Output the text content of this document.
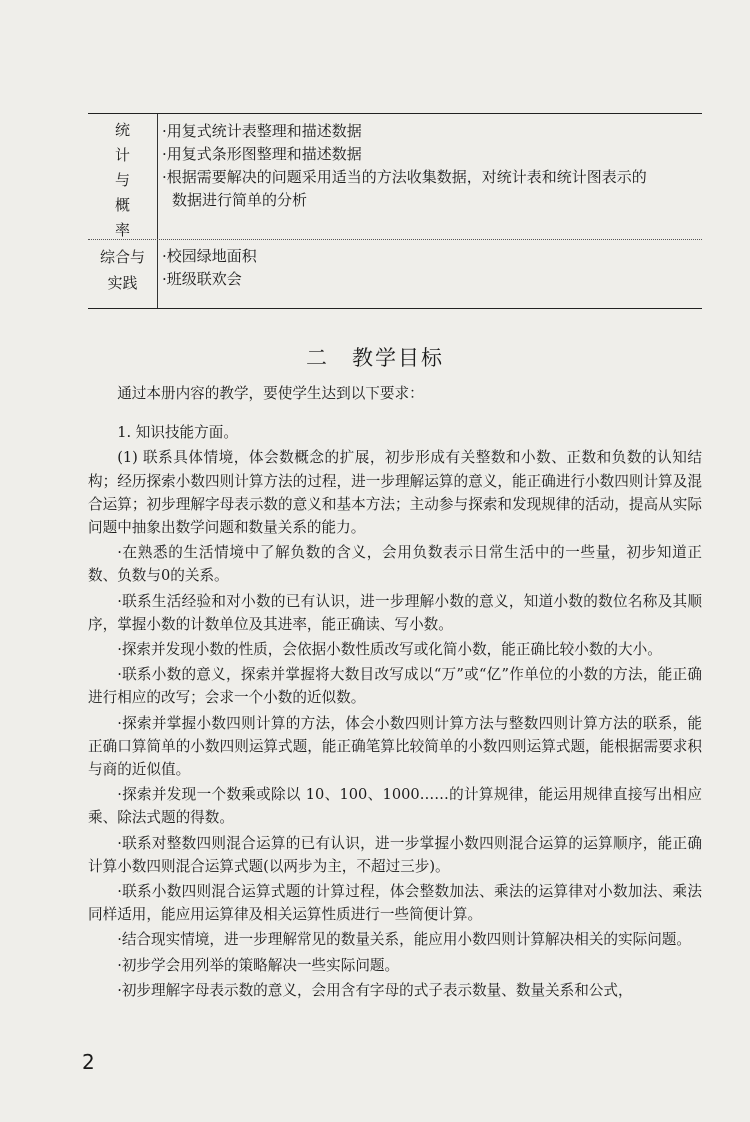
统
计
与
概
率
·用复式统计表整理和描述数据
·用复式条形图整理和描述数据
·根据需要解决的问题采用适当的方法收集数据，对统计表和统计图表示的
数据进行简单的分析
综合与
实践
·校园绿地面积
·班级联欢会
二　教学目标

通过本册内容的教学，要使学生达到以下要求：

1. 知识技能方面。

(1) 联系具体情境，体会数概念的扩展，初步形成有关整数和小数、正数和负数的认知结构；经历探索小数四则计算方法的过程，进一步理解运算的意义，能正确进行小数四则计算及混合运算；初步理解字母表示数的意义和基本方法；主动参与探索和发现规律的活动，提高从实际问题中抽象出数学问题和数量关系的能力。

·在熟悉的生活情境中了解负数的含义，会用负数表示日常生活中的一些量，初步知道正数、负数与0的关系。

·联系生活经验和对小数的已有认识，进一步理解小数的意义，知道小数的数位名称及其顺序，掌握小数的计数单位及其进率，能正确读、写小数。

·探索并发现小数的性质，会依据小数性质改写或化简小数，能正确比较小数的大小。

·联系小数的意义，探索并掌握将大数目改写成以“万”或“亿”作单位的小数的方法，能正确进行相应的改写；会求一个小数的近似数。

·探索并掌握小数四则计算的方法，体会小数四则计算方法与整数四则计算方法的联系，能正确口算简单的小数四则运算式题，能正确笔算比较简单的小数四则运算式题，能根据需要求积与商的近似值。

·探索并发现一个数乘或除以 10、100、1000……的计算规律，能运用规律直接写出相应乘、除法式题的得数。

·联系对整数四则混合运算的已有认识，进一步掌握小数四则混合运算的运算顺序，能正确计算小数四则混合运算式题(以两步为主，不超过三步)。

·联系小数四则混合运算式题的计算过程，体会整数加法、乘法的运算律对小数加法、乘法同样适用，能应用运算律及相关运算性质进行一些简便计算。

·结合现实情境，进一步理解常见的数量关系，能应用小数四则计算解决相关的实际问题。

·初步学会用列举的策略解决一些实际问题。

·初步理解字母表示数的意义，会用含有字母的式子表示数量、数量关系和公式，

2
